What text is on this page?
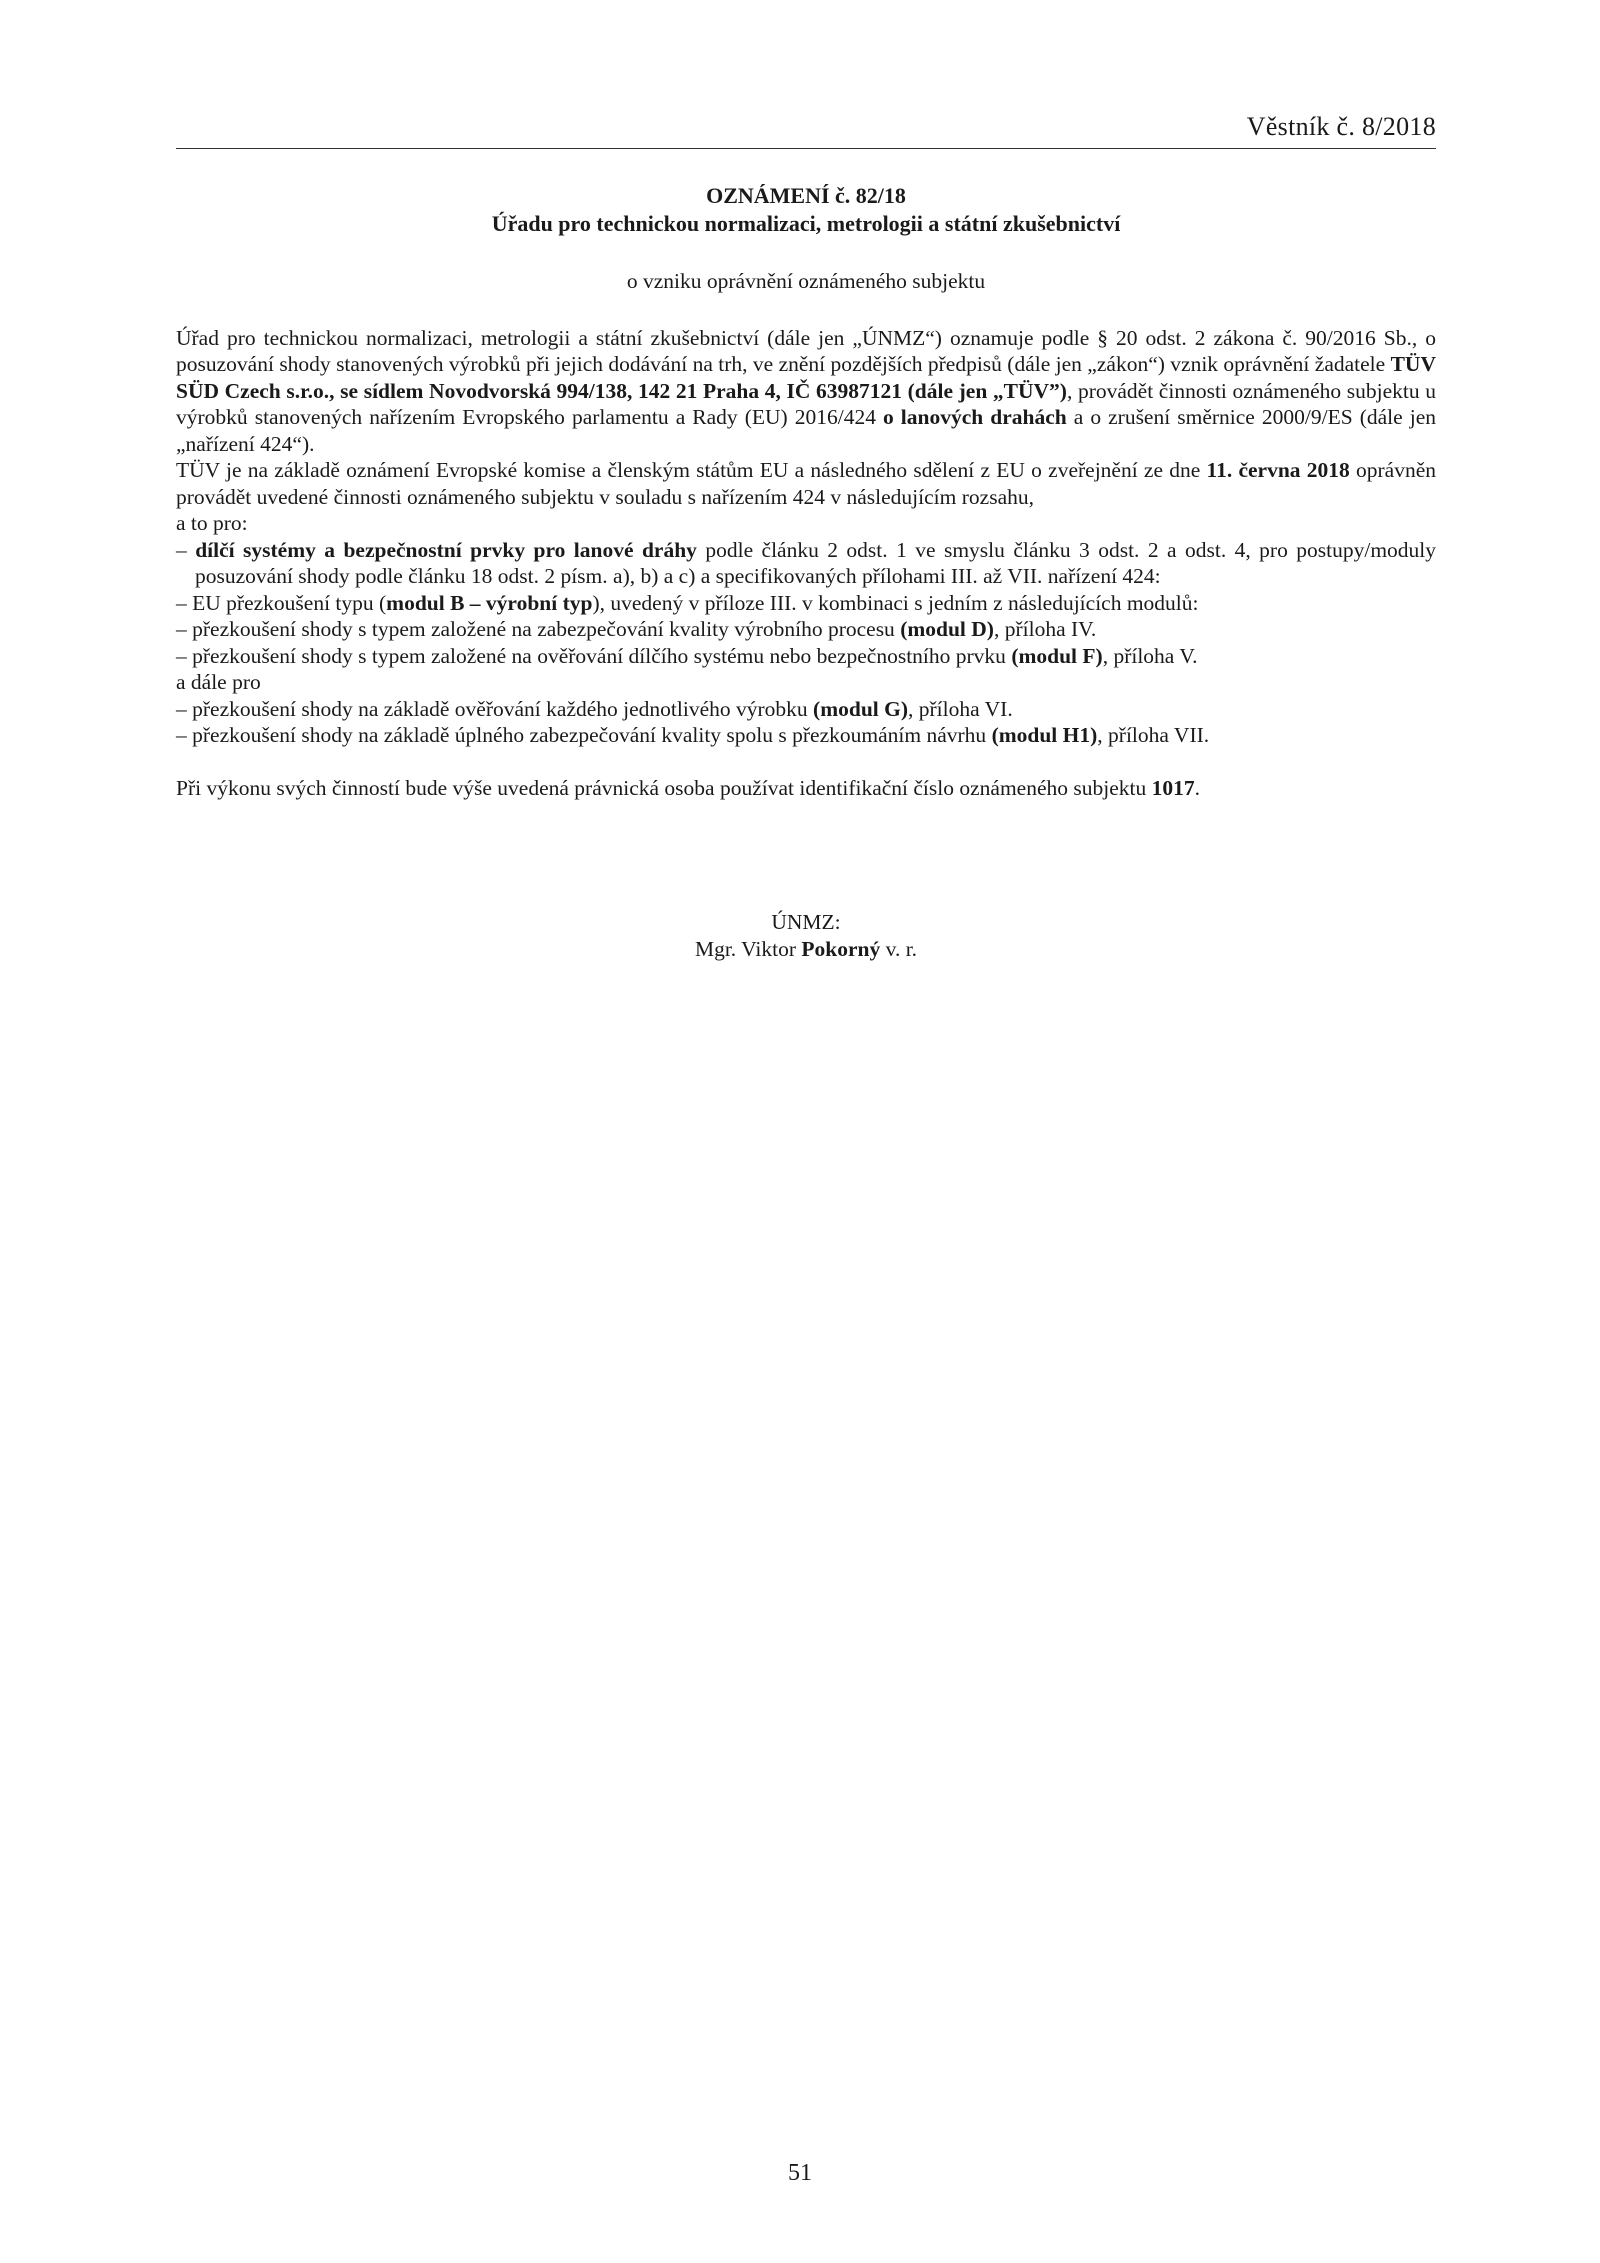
Věstník č. 8/2018
OZNÁMENÍ č. 82/18
Úřadu pro technickou normalizaci, metrologii a státní zkušebnictví
o vzniku oprávnění oznámeného subjektu

Úřad pro technickou normalizaci, metrologii a státní zkušebnictví (dále jen „ÚNMZ“) oznamuje podle § 20 odst. 2 zákona č. 90/2016 Sb., o posuzování shody stanovených výrobků při jejich dodávání na trh, ve znění pozdějších předpisů (dále jen „zákon“) vznik oprávnění žadatele TÜV SÜD Czech s.r.o., se sídlem Novodvorská 994/138, 142 21 Praha 4, IČ 63987121 (dále jen „TÜV”), provádět činnosti oznámeného subjektu u výrobků stanovených nařízením Evropského parlamentu a Rady (EU) 2016/424 o lanových drahách a o zrušení směrnice 2000/9/ES (dále jen „nařízení 424“).

TÜV je na základě oznámení Evropské komise a členským státům EU a následného sdělení z EU o zveřejnění ze dne 11. června 2018 oprávněn provádět uvedené činnosti oznámeného subjektu v souladu s nařízením 424 v následujícím rozsahu,

a to pro:

– dílčí systémy a bezpečnostní prvky pro lanové dráhy podle článku 2 odst. 1 ve smyslu článku 3 odst. 2 a odst. 4, pro postupy/moduly posuzování shody podle článku 18 odst. 2 písm. a), b) a c) a specifikovaných přílohami III. až VII. nařízení 424:
– EU přezkoušení typu (modul B – výrobní typ), uvedený v příloze III. v kombinaci s jedním z následujících modulů:
– přezkoušení shody s typem založené na zabezpečování kvality výrobního procesu (modul D), příloha IV.
– přezkoušení shody s typem založené na ověřování dílčího systému nebo bezpečnostního prvku (modul F), příloha V.

a dále pro

– přezkoušení shody na základě ověřování každého jednotlivého výrobku (modul G), příloha VI.
– přezkoušení shody na základě úplného zabezpečování kvality spolu s přezkoumáním návrhu (modul H1), příloha VII.

Při výkonu svých činností bude výše uvedená právnická osoba používat identifikační číslo oznámeného subjektu 1017.

ÚNMZ:
Mgr. Viktor Pokorný v. r.
51
